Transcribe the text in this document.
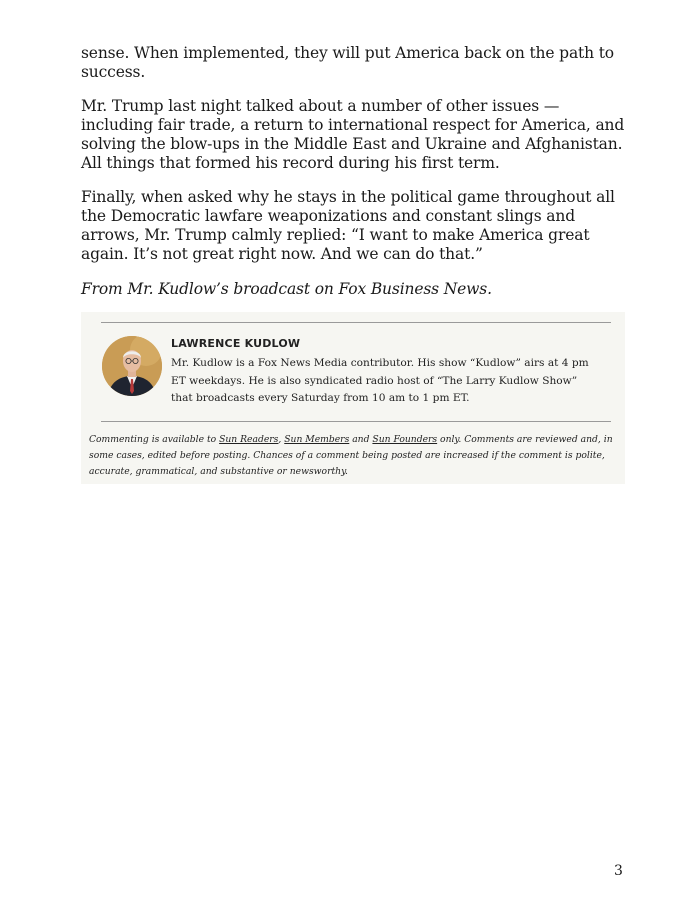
sense. When implemented, they will put America back on the path to success.

Mr. Trump last night talked about a number of other issues — including fair trade, a return to international respect for America, and solving the blow-ups in the Middle East and Ukraine and Afghanistan. All things that formed his record during his first term.

Finally, when asked why he stays in the political game throughout all the Democratic lawfare weaponizations and constant slings and arrows, Mr. Trump calmly replied: “I want to make America great again. It’s not great right now. And we can do that.”

From Mr. Kudlow’s broadcast on Fox Business News.

LAWRENCE KUDLOW

Mr. Kudlow is a Fox News Media contributor. His show “Kudlow” airs at 4 pm ET weekdays. He is also syndicated radio host of “The Larry Kudlow Show” that broadcasts every Saturday from 10 am to 1 pm ET.

Commenting is available to Sun Readers, Sun Members and Sun Founders only. Comments are reviewed and, in some cases, edited before posting. Chances of a comment being posted are increased if the comment is polite, accurate, grammatical, and substantive or newsworthy.

3
